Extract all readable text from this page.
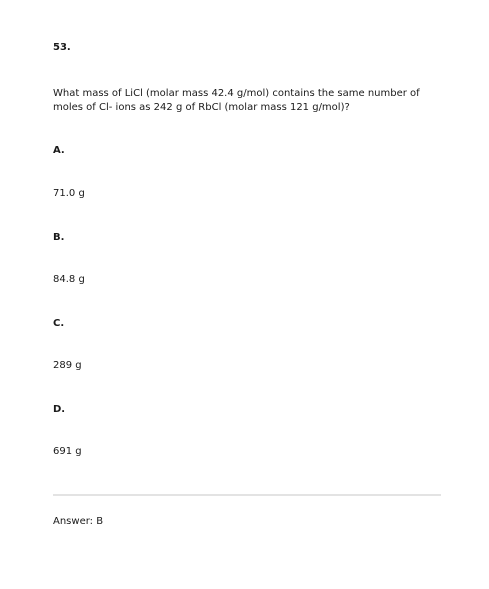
53.
What mass of LiCl (molar mass 42.4 g/mol) contains the same number of moles of Cl- ions as 242 g of RbCl (molar mass 121 g/mol)?
A.
71.0 g
B.
84.8 g
C.
289 g
D.
691 g
Answer: B
